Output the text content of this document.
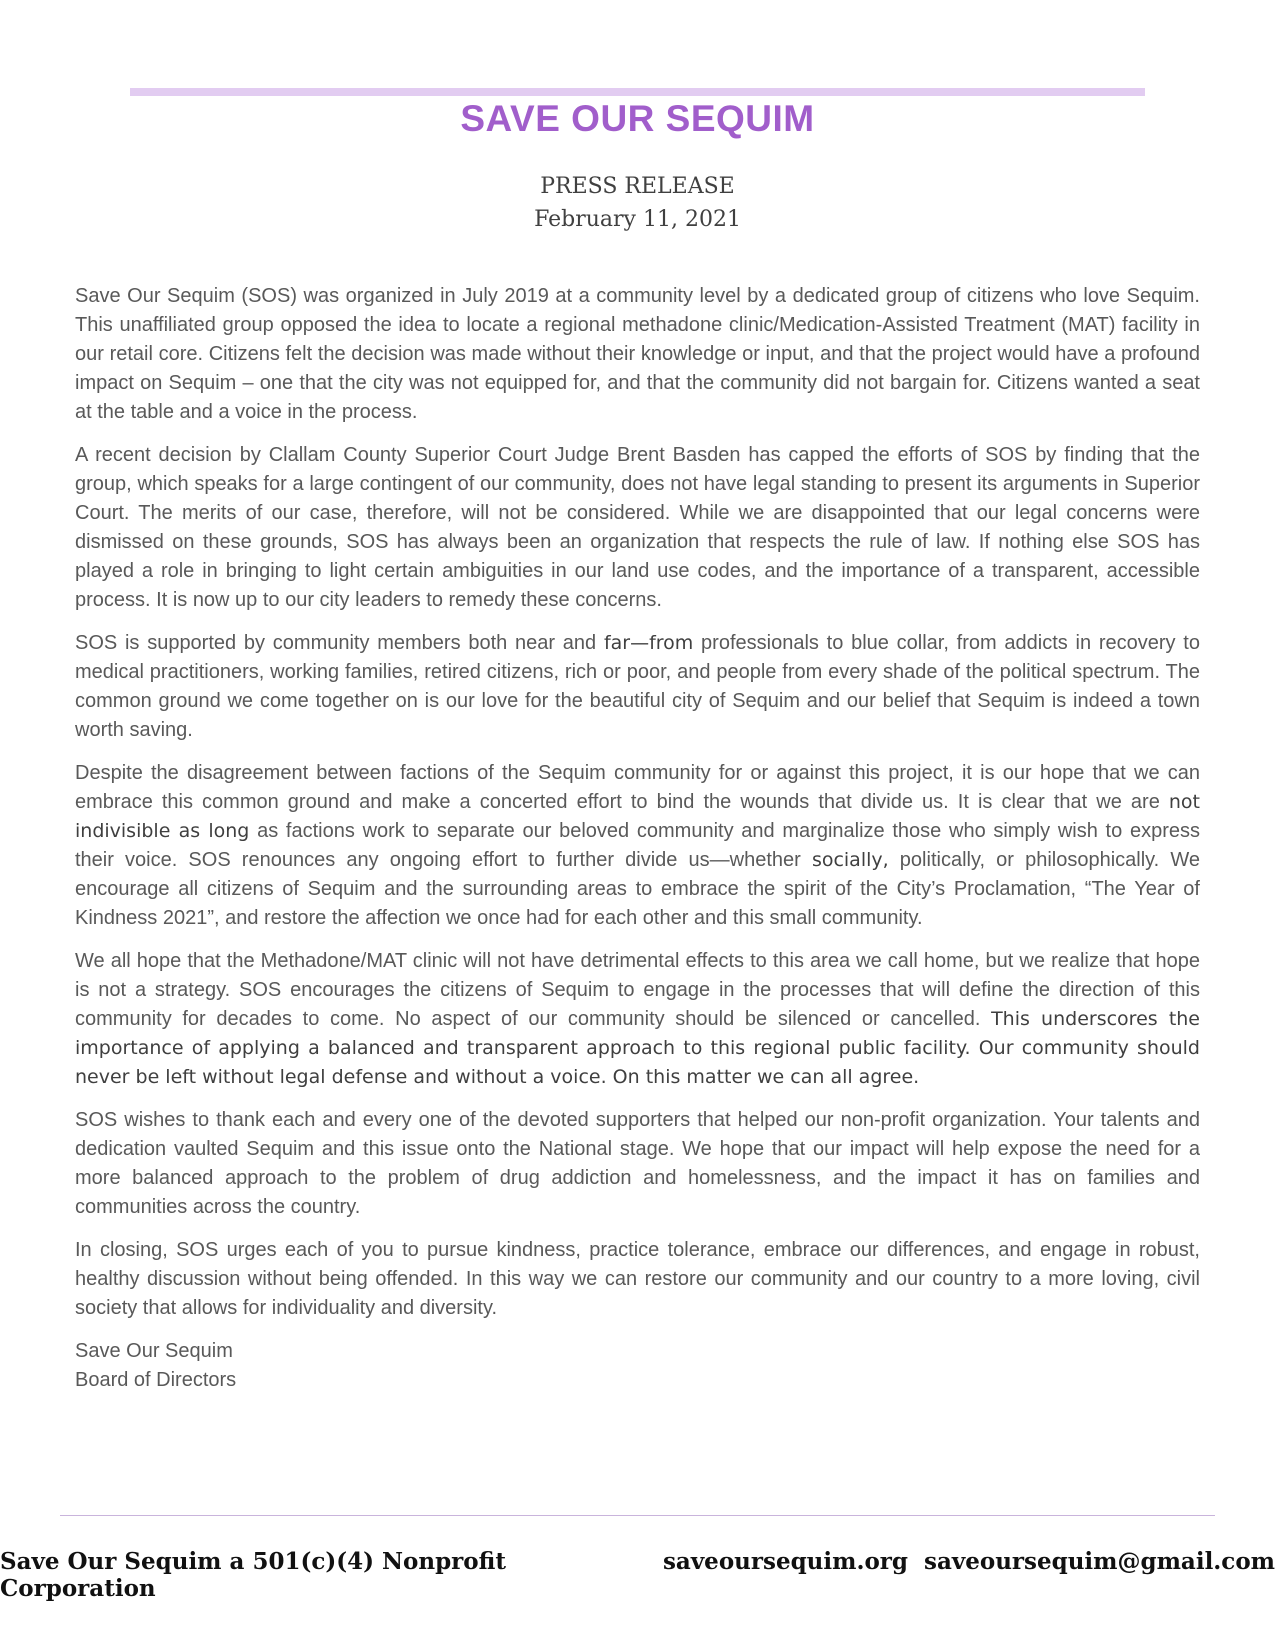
SAVE OUR SEQUIM
PRESS RELEASE
February 11, 2021

Save Our Sequim (SOS) was organized in July 2019 at a community level by a dedicated group of citizens who love Sequim. This unaffiliated group opposed the idea to locate a regional methadone clinic/Medication-Assisted Treatment (MAT) facility in our retail core. Citizens felt the decision was made without their knowledge or input, and that the project would have a profound impact on Sequim – one that the city was not equipped for, and that the community did not bargain for. Citizens wanted a seat at the table and a voice in the process.

A recent decision by Clallam County Superior Court Judge Brent Basden has capped the efforts of SOS by finding that the group, which speaks for a large contingent of our community, does not have legal standing to present its arguments in Superior Court. The merits of our case, therefore, will not be considered. While we are disappointed that our legal concerns were dismissed on these grounds, SOS has always been an organization that respects the rule of law. If nothing else SOS has played a role in bringing to light certain ambiguities in our land use codes, and the importance of a transparent, accessible process. It is now up to our city leaders to remedy these concerns.

SOS is supported by community members both near and far—from professionals to blue collar, from addicts in recovery to medical practitioners, working families, retired citizens, rich or poor, and people from every shade of the political spectrum. The common ground we come together on is our love for the beautiful city of Sequim and our belief that Sequim is indeed a town worth saving.

Despite the disagreement between factions of the Sequim community for or against this project, it is our hope that we can embrace this common ground and make a concerted effort to bind the wounds that divide us. It is clear that we are not indivisible as long as factions work to separate our beloved community and marginalize those who simply wish to express their voice. SOS renounces any ongoing effort to further divide us—whether socially, politically, or philosophically. We encourage all citizens of Sequim and the surrounding areas to embrace the spirit of the City’s Proclamation, “The Year of Kindness 2021”, and restore the affection we once had for each other and this small community.

We all hope that the Methadone/MAT clinic will not have detrimental effects to this area we call home, but we realize that hope is not a strategy. SOS encourages the citizens of Sequim to engage in the processes that will define the direction of this community for decades to come. No aspect of our community should be silenced or cancelled. This underscores the importance of applying a balanced and transparent approach to this regional public facility. Our community should never be left without legal defense and without a voice. On this matter we can all agree.

SOS wishes to thank each and every one of the devoted supporters that helped our non-profit organization. Your talents and dedication vaulted Sequim and this issue onto the National stage. We hope that our impact will help expose the need for a more balanced approach to the problem of drug addiction and homelessness, and the impact it has on families and communities across the country.

In closing, SOS urges each of you to pursue kindness, practice tolerance, embrace our differences, and engage in robust, healthy discussion without being offended. In this way we can restore our community and our country to a more loving, civil society that allows for individuality and diversity.

Save Our Sequim
Board of Directors
Save Our Sequim a 501(c)(4) Nonprofit Corporation
saveoursequim.org saveoursequim@gmail.com
